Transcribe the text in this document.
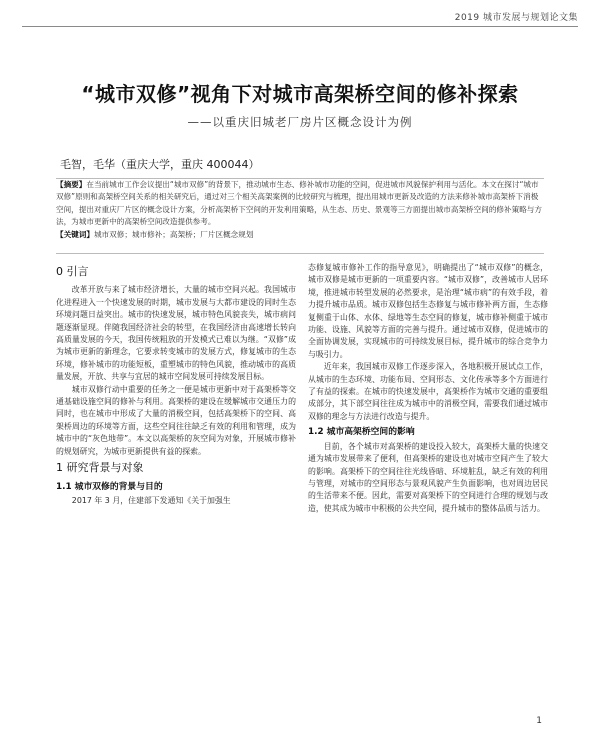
2019 城市发展与规划论文集
“城市双修”视角下对城市高架桥空间的修补探索
——以重庆旧城老厂房片区概念设计为例
毛智，毛华（重庆大学，重庆 400044）
【摘要】在当前城市工作会议提出“城市双修”的背景下，推动城市生态、修补城市功能的空间，促进城市风貌保护利用与活化。本文在探讨“城市双修”原则和高架桥空间关系的相关研究后，通过对三个相关高架案例的比较研究与梳理，提出用城市更新及改造的方法来修补城市高架桥下消极空间，提出对重庆厂片区的概念设计方案，分析高架桥下空间的开发利用策略，从生态、历史、景观等三方面提出城市高架桥空间的修补策略与方法，为城市更新中的高架桥空间改造提供参考。
【关键词】城市双修；城市修补；高架桥；厂片区概念规划
0 引言

改革开放与来了城市经济增长，大量的城市空间兴起。我国城市化进程进入一个快速发展的时期，城市发展与大都市建设的同时生态环境问题日益突出。城市的快速发展，城市特色风貌丧失，城市病问题逐渐显现。伴随我国经济社会的转型，在我国经济由高速增长转向高质量发展的今天，我国传统粗放的开发模式已难以为继。“双修”成为城市更新的新理念，它要求转变城市的发展方式，修复城市的生态环境，修补城市的功能短板，重塑城市的特色风貌，推动城市的高质量发展，开放、共享与宜居的城市空间发展可持续发展目标。

城市双修行动中重要的任务之一便是城市更新中对于高架桥等交通基础设施空间的修补与利用。高架桥的建设在缓解城市交通压力的同时，也在城市中形成了大量的消极空间，包括高架桥下的空间、高架桥周边的环境等方面，这些空间往往缺乏有效的利用和管理，成为城市中的“灰色地带”。本文以高架桥的灰空间为对象，开展城市修补的规划研究，为城市更新提供有益的探索。

1 研究背景与对象
1.1 城市双修的背景与目的

2017 年 3 月，住建部下发通知《关于加强生

态修复城市修补工作的指导意见》，明确提出了“城市双修”的概念，城市双修是城市更新的一项重要内容。“城市双修”，改善城市人居环境，推进城市转型发展的必然要求，是治理“城市病”的有效手段，着力提升城市品质。城市双修包括生态修复与城市修补两方面，生态修复侧重于山体、水体、绿地等生态空间的修复，城市修补侧重于城市功能、设施、风貌等方面的完善与提升。通过城市双修，促进城市的全面协调发展，实现城市的可持续发展目标，提升城市的综合竞争力与吸引力。

近年来，我国城市双修工作逐步深入，各地积极开展试点工作，从城市的生态环境、功能布局、空间形态、文化传承等多个方面进行了有益的探索。在城市的快速发展中，高架桥作为城市交通的重要组成部分，其下部空间往往成为城市中的消极空间，需要我们通过城市双修的理念与方法进行改造与提升。

1.2 城市高架桥空间的影响

目前，各个城市对高架桥的建设投入较大，高架桥大量的快速交通为城市发展带来了便利，但高架桥的建设也对城市空间产生了较大的影响。高架桥下的空间往往光线昏暗、环境脏乱，缺乏有效的利用与管理，对城市的空间形态与景观风貌产生负面影响，也对周边居民的生活带来不便。因此，需要对高架桥下的空间进行合理的规划与改造，使其成为城市中积极的公共空间，提升城市的整体品质与活力。

1
